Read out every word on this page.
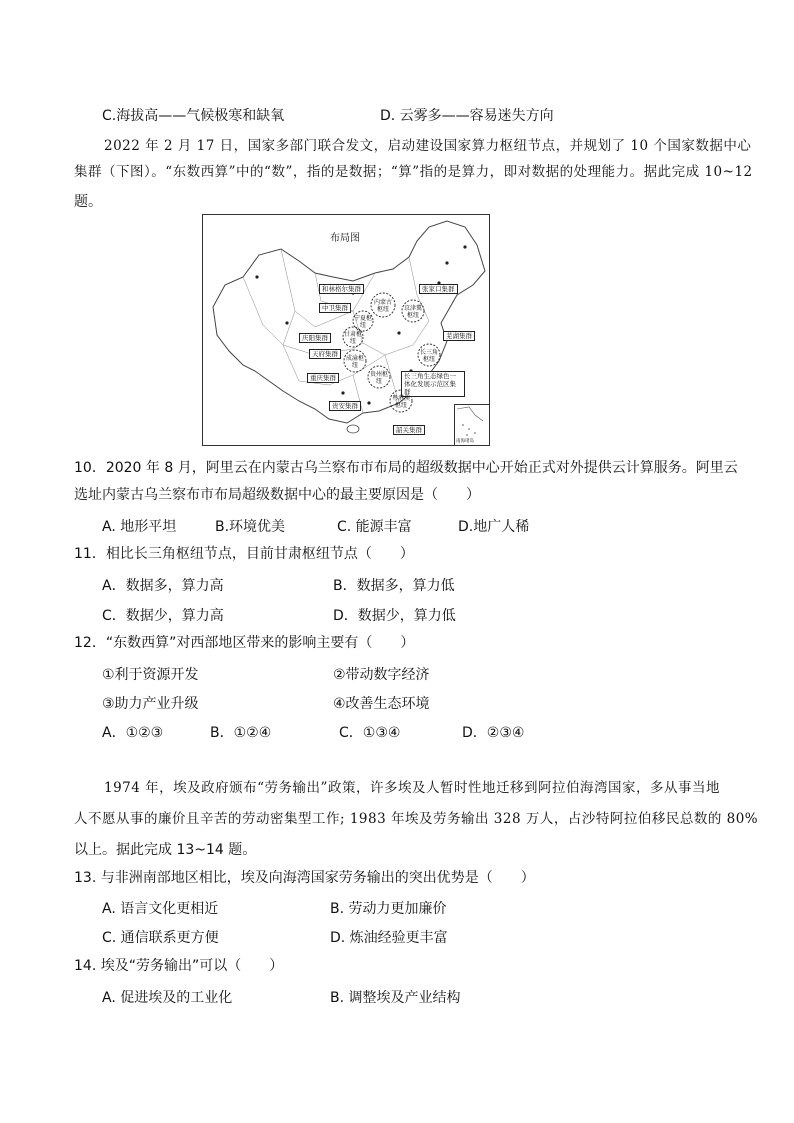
C.海拔高——气候极寒和缺氧	D. 云雾多——容易迷失方向
2022 年 2 月 17 日，国家多部门联合发文，启动建设国家算力枢纽节点，并规划了 10 个国家数据中心
集群（下图）。“东数西算”中的“数”，指的是数据；“算”指的是算力，即对数据的处理能力。据此完成 10~12
题。
布局图
和林格尔集群	张家口集群
中卫集群
庆阳集群
天府集群
芜湖集群
重庆集群	长三角生态绿色一体化发展示范区集群
贵安集群
韶关集群
内蒙古枢纽	京津冀枢纽
宁夏枢纽
甘肃枢纽
成渝枢纽
贵州枢纽
长三角枢纽
粤港澳枢纽
南海诸岛
10．2020 年 8 月，阿里云在内蒙古乌兰察布市布局的超级数据中心开始正式对外提供云计算服务。阿里云
选址内蒙古乌兰察布市布局超级数据中心的最主要原因是（　　）
A. 地形平坦	B.环境优美	C. 能源丰富	D.地广人稀
11．相比长三角枢纽节点，目前甘肃枢纽节点（　　）
A．数据多，算力高	B．数据多，算力低
C．数据少，算力高	D．数据少，算力低
12．“东数西算”对西部地区带来的影响主要有（　　）
①利于资源开发	②带动数字经济
③助力产业升级	④改善生态环境
A．①②③	B．①②④	C．①③④	D．②③④
1974 年，埃及政府颁布“劳务输出”政策，许多埃及人暂时性地迁移到阿拉伯海湾国家，多从事当地
人不愿从事的廉价且辛苦的劳动密集型工作; 1983 年埃及劳务输出 328 万人，占沙特阿拉伯移民总数的 80%
以上。据此完成 13~14 题。
13. 与非洲南部地区相比，埃及向海湾国家劳务输出的突出优势是（　　）
A. 语言文化更相近	B. 劳动力更加廉价
C. 通信联系更方便	D. 炼油经验更丰富
14. 埃及“劳务输出”可以（　　）
A. 促进埃及的工业化	B. 调整埃及产业结构
